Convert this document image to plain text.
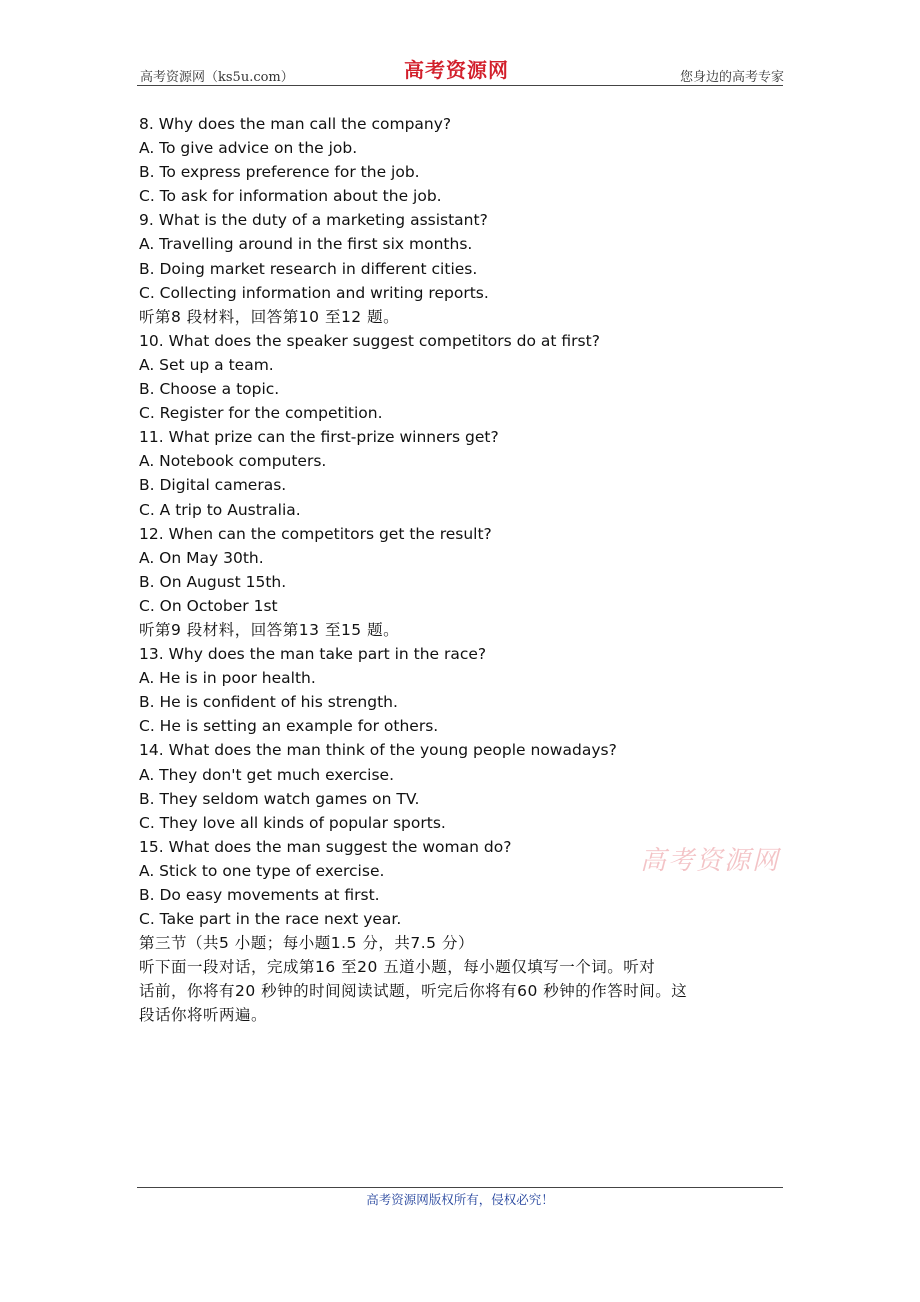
高考资源网（ks5u.com）	高考资源网	您身边的高考专家
8. Why does the man call the company?
A. To give advice on the job.
B. To express preference for the job.
C. To ask for information about the job.
9. What is the duty of a marketing assistant?
A. Travelling around in the first six months.
B. Doing market research in different cities.
C. Collecting information and writing reports.
听第8 段材料，回答第10 至12 题。
10. What does the speaker suggest competitors do at first?
A. Set up a team.
B. Choose a topic.
C. Register for the competition.
11. What prize can the first-prize winners get?
A. Notebook computers.
B. Digital cameras.
C. A trip to Australia.
12. When can the competitors get the result?
A. On May 30th.
B. On August 15th.
C. On October 1st
听第9 段材料，回答第13 至15 题。
13. Why does the man take part in the race?
A. He is in poor health.
B. He is confident of his strength.
C. He is setting an example for others.
14. What does the man think of the young people nowadays?
A. They don't get much exercise.
B. They seldom watch games on TV.
C. They love all kinds of popular sports.
15. What does the man suggest the woman do?
A. Stick to one type of exercise.
B. Do easy movements at first.
C. Take part in the race next year.
第三节（共5 小题；每小题1.5 分，共7.5 分）
听下面一段对话，完成第16 至20 五道小题，每小题仅填写一个词。听对
话前，你将有20 秒钟的时间阅读试题，听完后你将有60 秒钟的作答时间。这
段话你将听两遍。
高考资源网
高考资源网版权所有，侵权必究！
